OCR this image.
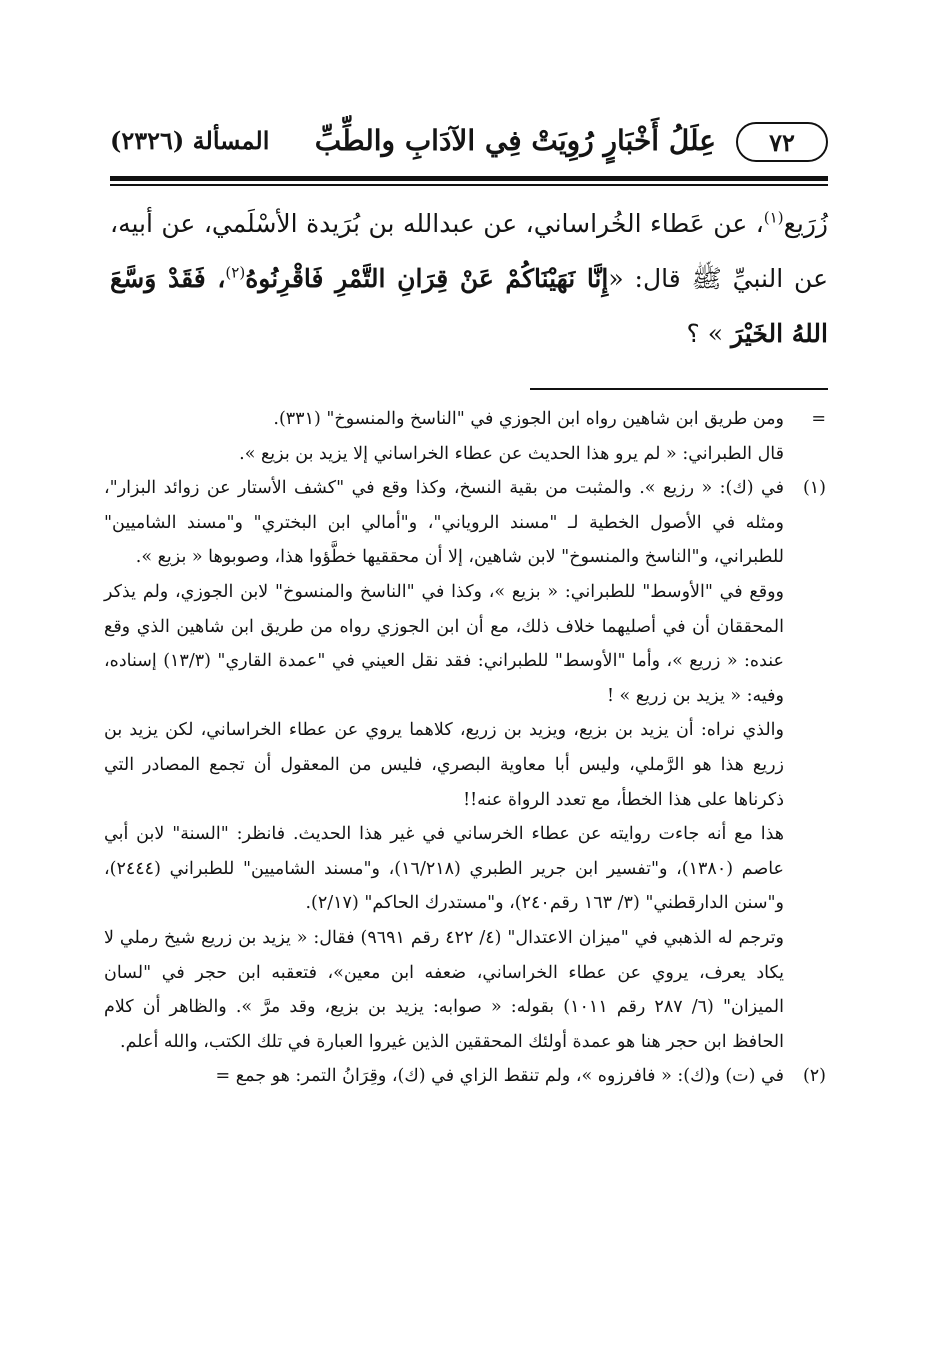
٧٢
عِلَلُ أَخْبَارٍ رُوِيَتْ فِي الآدَابِ والطِّبِّ
المسألة (٢٣٢٦)

زُرَيع$^{(١)}$، عن عَطاء الخُراساني، عن عبدالله بن بُرَيدة الأسْلَمي، عن أبيه، عن النبيِّ ﷺ قال: «إِنَّا نَهَيْنَاكُمْ عَنْ قِرَانِ التَّمْرِ فَاقْرِنُوهُ$^{(٢)}$، فَقَدْ وَسَّعَ اللهُ الخَيْرَ » ؟

=

ومن طريق ابن شاهين رواه ابن الجوزي في "الناسخ والمنسوخ" (٣٣١).

قال الطبراني: « لم يرو هذا الحديث عن عطاء الخراساني إلا يزيد بن بزيع ».

(١)

في (ك): « رزيع ». والمثبت من بقية النسخ، وكذا وقع في "كشف الأستار عن زوائد البزار"، ومثله في الأصول الخطية لـ "مسند الروياني"، و"أمالي ابن البختري" و"مسند الشاميين" للطبراني، و"الناسخ والمنسوخ" لابن شاهين، إلا أن محققيها خطَّؤوا هذا، وصوبوها « بزيع ».

ووقع في "الأوسط" للطبراني: « بزيع »، وكذا في "الناسخ والمنسوخ" لابن الجوزي، ولم يذكر المحققان أن في أصليهما خلاف ذلك، مع أن ابن الجوزي رواه من طريق ابن شاهين الذي وقع عنده: « زريع »، وأما "الأوسط" للطبراني: فقد نقل العيني في "عمدة القاري" (١٣/٣) إسناده، وفيه: « يزيد بن زريع » !

والذي نراه: أن يزيد بن بزيع، ويزيد بن زريع، كلاهما يروي عن عطاء الخراساني، لكن يزيد بن زريع هذا هو الرَّملي، وليس أبا معاوية البصري، فليس من المعقول أن تجمع المصادر التي ذكرناها على هذا الخطأ، مع تعدد الرواة عنه!!

هذا مع أنه جاءت روايته عن عطاء الخرساني في غير هذا الحديث. فانظر: "السنة" لابن أبي عاصم (١٣٨٠)، و"تفسير ابن جرير الطبري (١٦/٢١٨)، و"مسند الشاميين" للطبراني (٢٤٤٤)، و"سنن الدارقطني" (٣/ ١٦٣ رقم٢٤٠)، و"مستدرك الحاكم" (٢/١٧).

وترجم له الذهبي في "ميزان الاعتدال" (٤/ ٤٢٢ رقم ٩٦٩١) فقال: « يزيد بن زريع شيخ رملي لا يكاد يعرف، يروي عن عطاء الخراساني، ضعفه ابن معين»، فتعقبه ابن حجر في "لسان الميزان" (٦/ ٢٨٧ رقم ١٠١١) بقوله: « صوابه: يزيد بن بزيع، وقد مرَّ ». والظاهر أن كلام الحافظ ابن حجر هنا هو عمدة أولئك المحققين الذين غيروا العبارة في تلك الكتب، والله أعلم.

(٢)

في (ت) و(ك): « فافرزوه »، ولم تنقط الزاي في (ك)، وقِرَانُ التمر: هو جمع =
